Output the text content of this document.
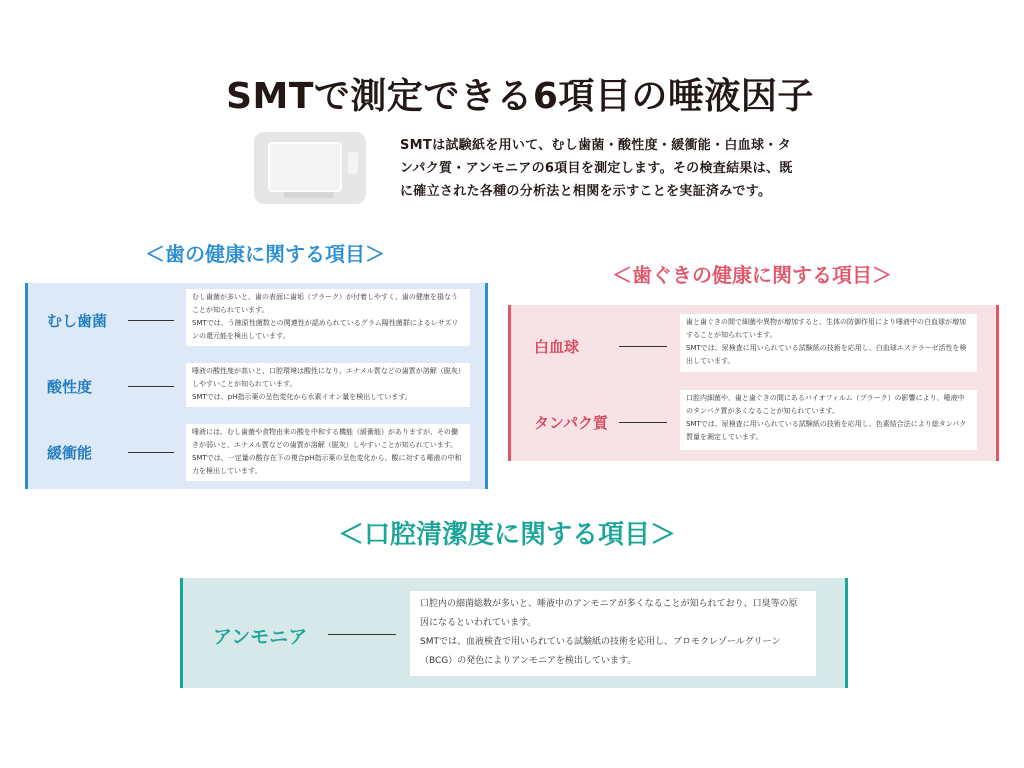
SMTで測定できる6項目の唾液因子
SMTは試験紙を用いて、むし歯菌・酸性度・緩衝能・白血球・タンパク質・アンモニアの6項目を測定します。その検査結果は、既に確立された各種の分析法と相関を示すことを実証済みです。
＜歯の健康に関する項目＞
むし歯菌

むし歯菌が多いと、歯の表面に歯垢（プラーク）が付着しやすく、歯の健康を損なうことが知られています。

SMTでは、う蝕原性菌数との関連性が認められているグラム陽性菌群によるレサズリンの還元能を検出しています。

酸性度

唾液の酸性度が高いと、口腔環境は酸性になり、エナメル質などの歯質が溶解（脱灰）しやすいことが知られています。

SMTでは、pH指示薬の呈色変化から水素イオン量を検出しています。

緩衝能

唾液には、むし歯菌や食物由来の酸を中和する機能（緩衝能）がありますが、その働きが弱いと、エナメル質などの歯質が溶解（脱灰）しやすいことが知られています。

SMTでは、一定量の酸存在下の複合pH指示薬の呈色変化から、酸に対する唾液の中和力を検出しています。

＜歯ぐきの健康に関する項目＞
白血球

歯と歯ぐきの間で細菌や異物が増加すると、生体の防御作用により唾液中の白血球が増加することが知られています。

SMTでは、尿検査に用いられている試験紙の技術を応用し、白血球エステラーゼ活性を検出しています。

タンパク質

口腔内細菌や、歯と歯ぐきの間にあるバイオフィルム（プラーク）の影響により、唾液中のタンパク質が多くなることが知られています。

SMTでは、尿検査に用いられている試験紙の技術を応用し、色素結合法により総タンパク質量を測定しています。

＜口腔清潔度に関する項目＞
アンモニア

口腔内の細菌総数が多いと、唾液中のアンモニアが多くなることが知られており、口臭等の原因になるといわれています。

SMTでは、血液検査で用いられている試験紙の技術を応用し、ブロモクレゾールグリーン（BCG）の発色によりアンモニアを検出しています。
